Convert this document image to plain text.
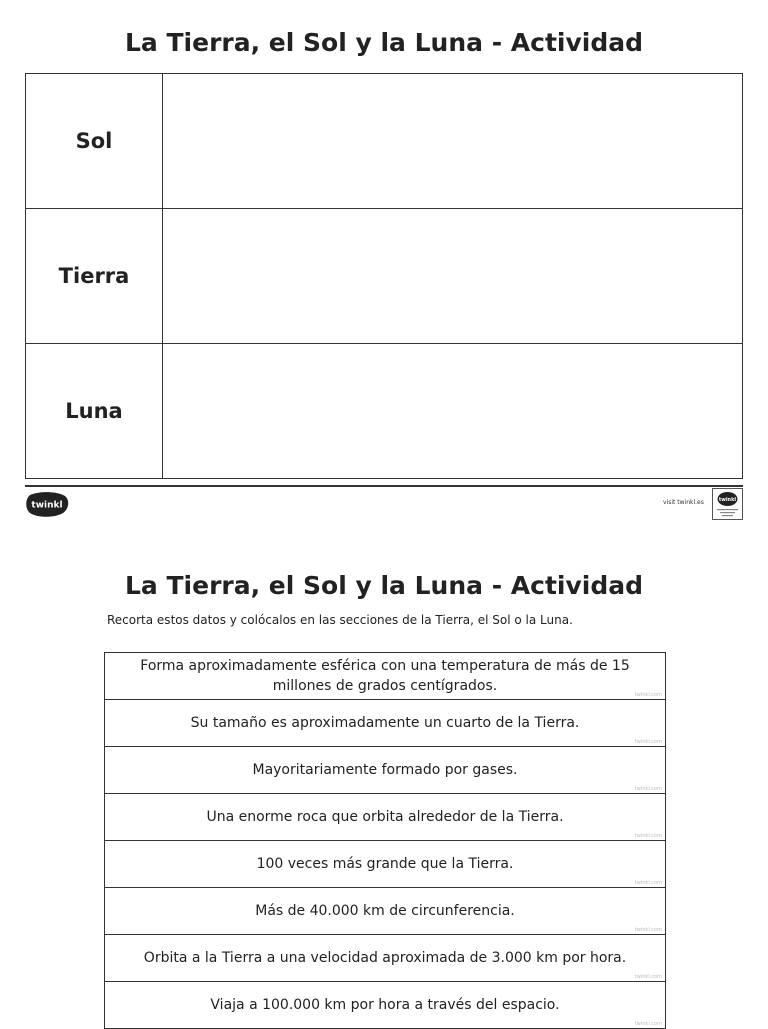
La Tierra, el Sol y la Luna - Actividad
Sol	
Tierra	
Luna	
twinkl	visit twinkl.es	twinkl
La Tierra, el Sol y la Luna - Actividad
Recorta estos datos y colócalos en las secciones de la Tierra, el Sol o la Luna.
Forma aproximadamente esférica con una temperatura de más de 15 millones de grados centígrados.
twinkl.com
Su tamaño es aproximadamente un cuarto de la Tierra.
twinkl.com
Mayoritariamente formado por gases.
twinkl.com
Una enorme roca que orbita alrededor de la Tierra.
twinkl.com
100 veces más grande que la Tierra.
twinkl.com
Más de 40.000 km de circunferencia.
twinkl.com
Orbita a la Tierra a una velocidad aproximada de 3.000 km por hora.
twinkl.com
Viaja a 100.000 km por hora a través del espacio.
twinkl.com
